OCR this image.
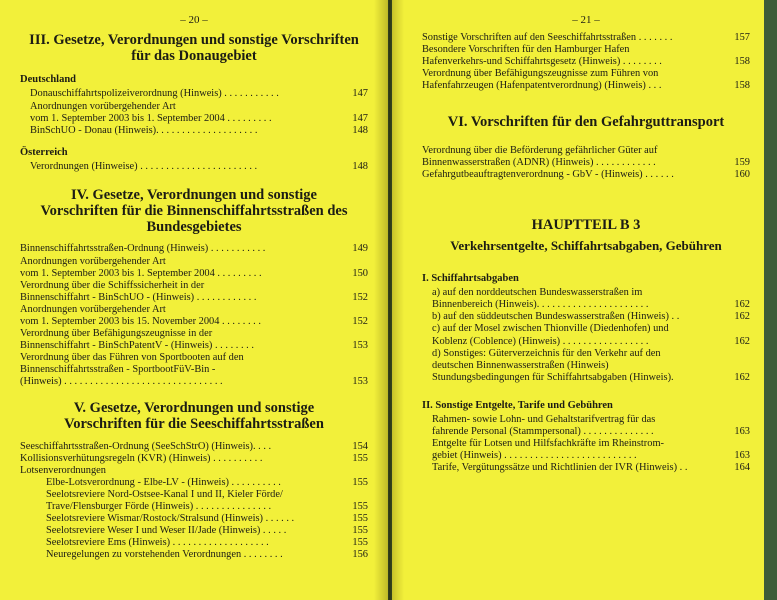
– 20 –
III. Gesetze, Verordnungen und sonstige Vorschriften
für das Donaugebiet
Deutschland
Donauschiffahrtspolizeiverordnung (Hinweis) . . . . . . . . . . .	147
Anordnungen vorübergehender Art
vom 1. September 2003 bis 1. September 2004 . . . . . . . . .	147
BinSchUO - Donau (Hinweis). . . . . . . . . . . . . . . . . . . .	148
Österreich
Verordnungen (Hinweise) . . . . . . . . . . . . . . . . . . . . . . .	148
IV. Gesetze, Verordnungen und sonstige
Vorschriften für die Binnenschiffahrtsstraßen des
Bundesgebietes
Binnenschiffahrtsstraßen-Ordnung (Hinweis) . . . . . . . . . . .	149
Anordnungen vorübergehender Art
vom 1. September 2003 bis 1. September 2004 . . . . . . . . .	150
Verordnung über die Schiffssicherheit in der
Binnenschiffahrt - BinSchUO - (Hinweis) . . . . . . . . . . . .	152
Anordnungen vorübergehender Art
vom 1. September 2003 bis 15. November 2004 . . . . . . . .	152
Verordnung über Befähigungszeugnisse in der
Binnenschiffahrt - BinSchPatentV - (Hinweis) . . . . . . . .	153
Verordnung über das Führen von Sportbooten auf den
Binnenschiffahrtsstraßen - SportbootFüV-Bin -
(Hinweis) . . . . . . . . . . . . . . . . . . . . . . . . . . . . . . .	153
V. Gesetze, Verordnungen und sonstige
Vorschriften für die Seeschiffahrtsstraßen
Seeschiffahrtsstraßen-Ordnung (SeeSchStrO) (Hinweis). . . .	154
Kollisionsverhütungsregeln (KVR) (Hinweis) . . . . . . . . . .	155
Lotsenverordnungen
Elbe-Lotsverordnung - Elbe-LV - (Hinweis) . . . . . . . . . .	155
Seelotsreviere Nord-Ostsee-Kanal I und II, Kieler Förde/
Trave/Flensburger Förde (Hinweis) . . . . . . . . . . . . . . .	155
Seelotsreviere Wismar/Rostock/Stralsund (Hinweis) . . . . . .	155
Seelotsreviere Weser I und Weser II/Jade (Hinweis) . . . . .	155
Seelotsreviere Ems (Hinweis) . . . . . . . . . . . . . . . . . . .	155
Neuregelungen zu vorstehenden Verordnungen . . . . . . . .	156
– 21 –
Sonstige Vorschriften auf den Seeschiffahrtsstraßen . . . . . . .	157
Besondere Vorschriften für den Hamburger Hafen
Hafenverkehrs-und Schiffahrtsgesetz (Hinweis) . . . . . . . .	158
Verordnung über Befähigungszeugnisse zum Führen von
Hafenfahrzeugen (Hafenpatentverordnung) (Hinweis) . . .	158
VI. Vorschriften für den Gefahrguttransport
Verordnung über die Beförderung gefährlicher Güter auf
Binnenwasserstraßen (ADNR) (Hinweis) . . . . . . . . . . . .	159
Gefahrgutbeauftragtenverordnung - GbV - (Hinweis) . . . . . .	160
HAUPTTEIL B 3
Verkehrsentgelte, Schiffahrtsabgaben, Gebühren
I. Schiffahrtsabgaben
a) auf den norddeutschen Bundeswasserstraßen im
Binnenbereich (Hinweis). . . . . . . . . . . . . . . . . . . . . .	162
b) auf den süddeutschen Bundeswasserstraßen (Hinweis) . .	162
c) auf der Mosel zwischen Thionville (Diedenhofen) und
Koblenz (Coblence) (Hinweis) . . . . . . . . . . . . . . . . .	162
d) Sonstiges: Güterverzeichnis für den Verkehr auf den
deutschen Binnenwasserstraßen (Hinweis)
Stundungsbedingungen für Schiffahrtsabgaben (Hinweis).	162
II. Sonstige Entgelte, Tarife und Gebühren
Rahmen- sowie Lohn- und Gehaltstarifvertrag für das
fahrende Personal (Stammpersonal) . . . . . . . . . . . . . .	163
Entgelte für Lotsen und Hilfsfachkräfte im Rheinstrom-
gebiet (Hinweis) . . . . . . . . . . . . . . . . . . . . . . . . . .	163
Tarife, Vergütungssätze und Richtlinien der IVR (Hinweis) . .	164
